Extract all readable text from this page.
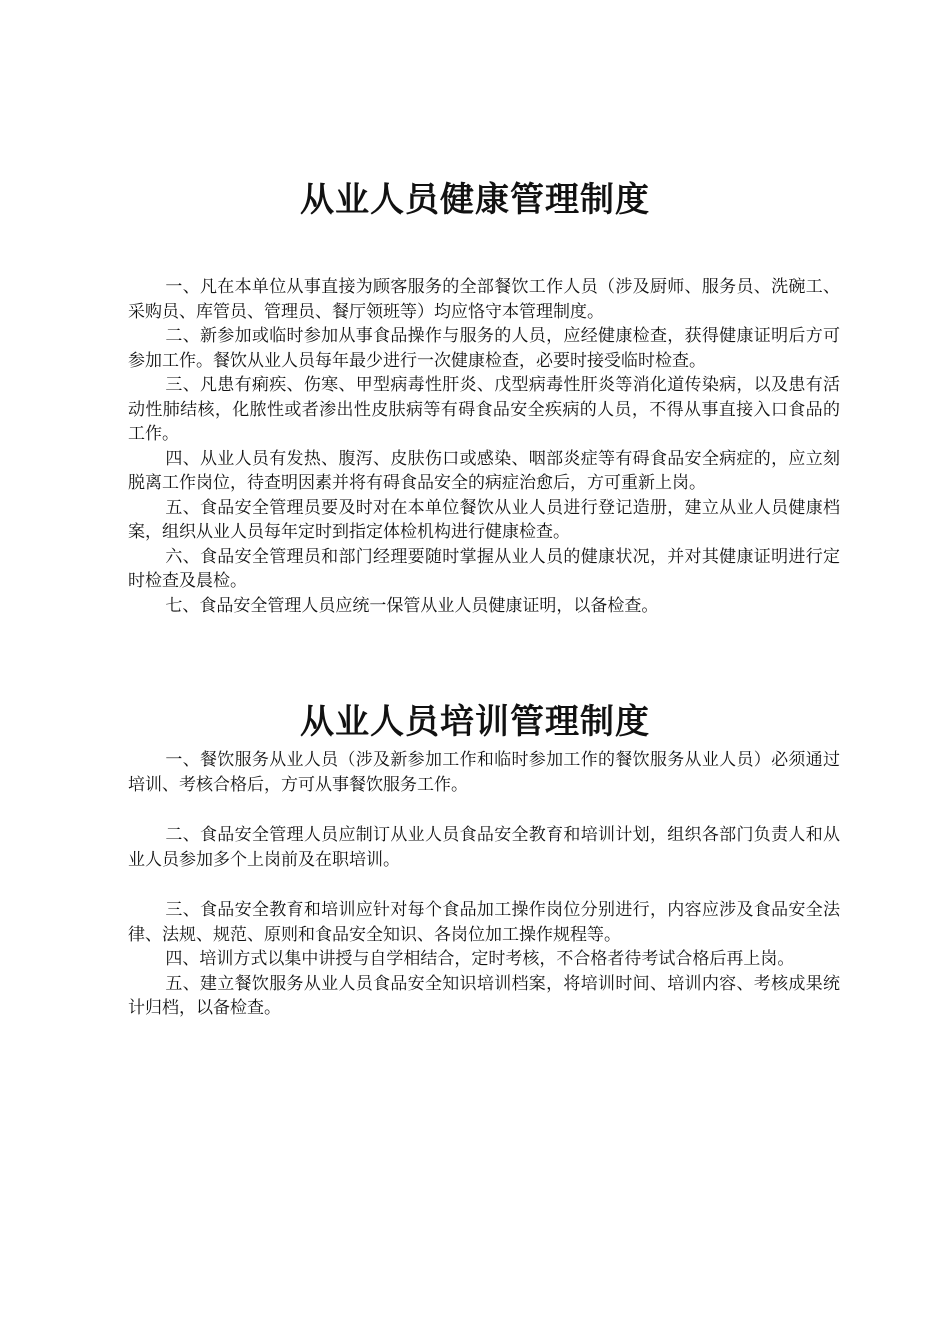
从业人员健康管理制度

一、凡在本单位从事直接为顾客服务的全部餐饮工作人员（涉及厨师、服务员、洗碗工、采购员、库管员、管理员、餐厅领班等）均应恪守本管理制度。

二、新参加或临时参加从事食品操作与服务的人员，应经健康检查，获得健康证明后方可参加工作。餐饮从业人员每年最少进行一次健康检查，必要时接受临时检查。

三、凡患有痢疾、伤寒、甲型病毒性肝炎、戊型病毒性肝炎等消化道传染病，以及患有活动性肺结核，化脓性或者渗出性皮肤病等有碍食品安全疾病的人员，不得从事直接入口食品的工作。

四、从业人员有发热、腹泻、皮肤伤口或感染、咽部炎症等有碍食品安全病症的，应立刻脱离工作岗位，待查明因素并将有碍食品安全的病症治愈后，方可重新上岗。

五、食品安全管理员要及时对在本单位餐饮从业人员进行登记造册，建立从业人员健康档案，组织从业人员每年定时到指定体检机构进行健康检查。

六、食品安全管理员和部门经理要随时掌握从业人员的健康状况，并对其健康证明进行定时检查及晨检。

七、食品安全管理人员应统一保管从业人员健康证明，以备检查。

从业人员培训管理制度

一、餐饮服务从业人员（涉及新参加工作和临时参加工作的餐饮服务从业人员）必须通过培训、考核合格后，方可从事餐饮服务工作。

二、食品安全管理人员应制订从业人员食品安全教育和培训计划，组织各部门负责人和从业人员参加多个上岗前及在职培训。

三、食品安全教育和培训应针对每个食品加工操作岗位分别进行，内容应涉及食品安全法律、法规、规范、原则和食品安全知识、各岗位加工操作规程等。

四、培训方式以集中讲授与自学相结合，定时考核，不合格者待考试合格后再上岗。

五、建立餐饮服务从业人员食品安全知识培训档案，将培训时间、培训内容、考核成果统计归档，以备检查。
